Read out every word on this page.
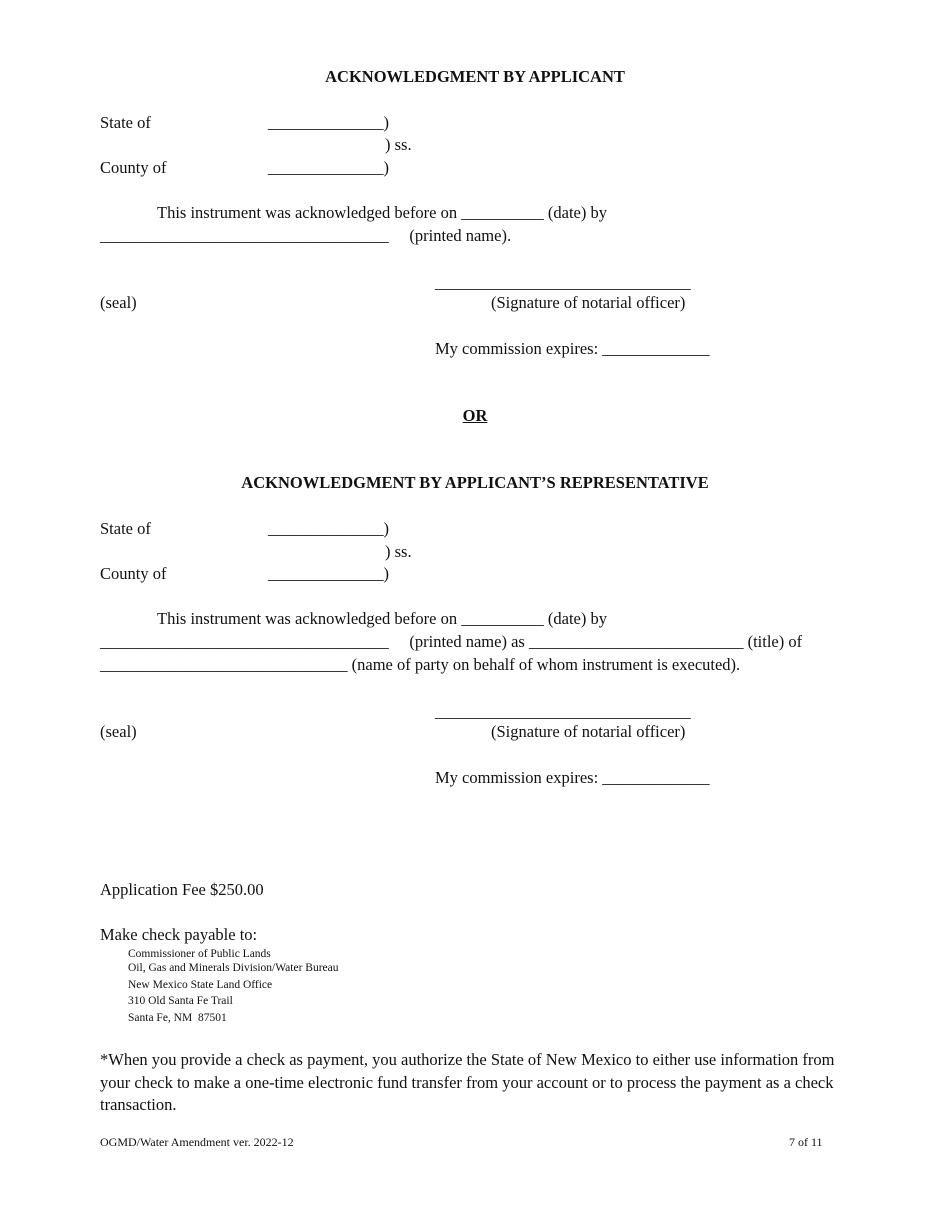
ACKNOWLEDGMENT BY APPLICANT
State of	______________)
) ss.
County of	______________)
This instrument was acknowledged before on __________ (date) by
___________________________________     (printed name).
_______________________________
(seal)	(Signature of notarial officer)
My commission expires: _____________
OR
ACKNOWLEDGMENT BY APPLICANT’S REPRESENTATIVE
State of	______________)
) ss.
County of	______________)
This instrument was acknowledged before on __________ (date) by
___________________________________     (printed name) as __________________________ (title) of
______________________________ (name of party on behalf of whom instrument is executed).
_______________________________
(seal)	(Signature of notarial officer)
My commission expires: _____________
Application Fee $250.00
Make check payable to:
Commissioner of Public Lands
Oil, Gas and Minerals Division/Water Bureau
New Mexico State Land Office
310 Old Santa Fe Trail
Santa Fe, NM  87501
*When you provide a check as payment, you authorize the State of New Mexico to either use information from your check to make a one-time electronic fund transfer from your account or to process the payment as a check transaction.
OGMD/Water Amendment ver. 2022-12	7 of 11
